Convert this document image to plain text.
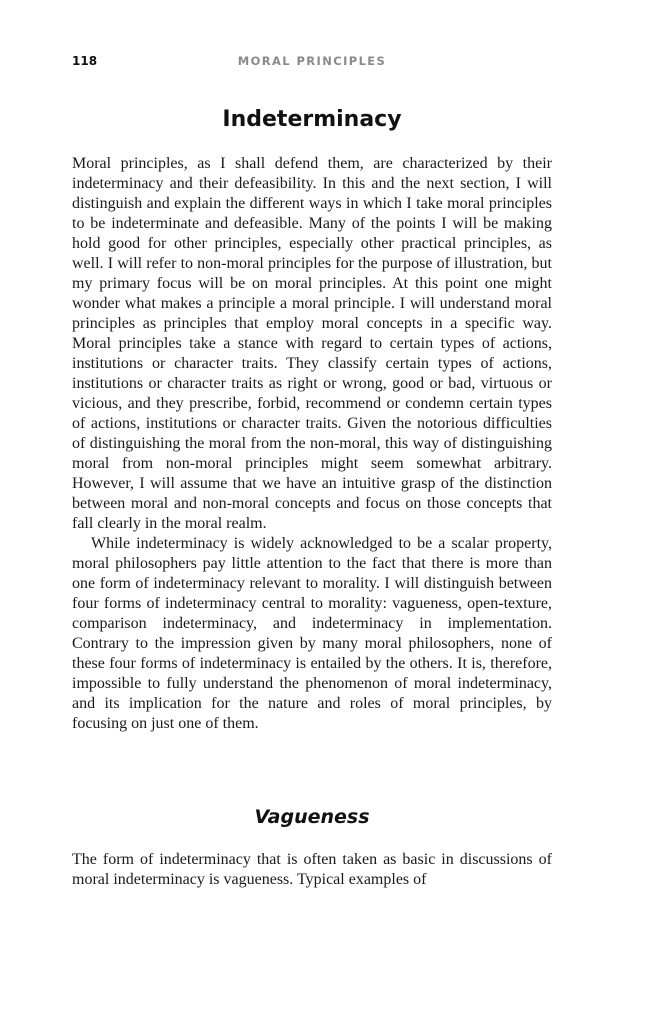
118	MORAL PRINCIPLES
Indeterminacy

Moral principles, as I shall defend them, are characterized by their indeterminacy and their defeasibility. In this and the next section, I will distinguish and explain the different ways in which I take moral principles to be indeterminate and defeasible. Many of the points I will be making hold good for other principles, especially other practical principles, as well. I will refer to non-moral principles for the purpose of illustration, but my primary focus will be on moral principles. At this point one might wonder what makes a principle a moral principle. I will understand moral principles as principles that employ moral concepts in a specific way. Moral principles take a stance with regard to certain types of actions, institutions or character traits. They classify certain types of actions, institutions or character traits as right or wrong, good or bad, virtuous or vicious, and they prescribe, forbid, recommend or condemn certain types of actions, institutions or character traits. Given the notorious difficulties of distinguishing the moral from the non-moral, this way of distinguishing moral from non-moral principles might seem somewhat arbitrary. However, I will assume that we have an intuitive grasp of the distinction between moral and non-moral concepts and focus on those concepts that fall clearly in the moral realm.

While indeterminacy is widely acknowledged to be a scalar property, moral philosophers pay little attention to the fact that there is more than one form of indeterminacy relevant to morality. I will distinguish between four forms of indeterminacy central to morality: vagueness, open-texture, comparison indeterminacy, and indeterminacy in implementation. Contrary to the impression given by many moral philosophers, none of these four forms of indeterminacy is entailed by the others. It is, therefore, impossible to fully understand the phenomenon of moral indeterminacy, and its implication for the nature and roles of moral principles, by focusing on just one of them.

Vagueness

The form of indeterminacy that is often taken as basic in discussions of moral indeterminacy is vagueness. Typical examples of
